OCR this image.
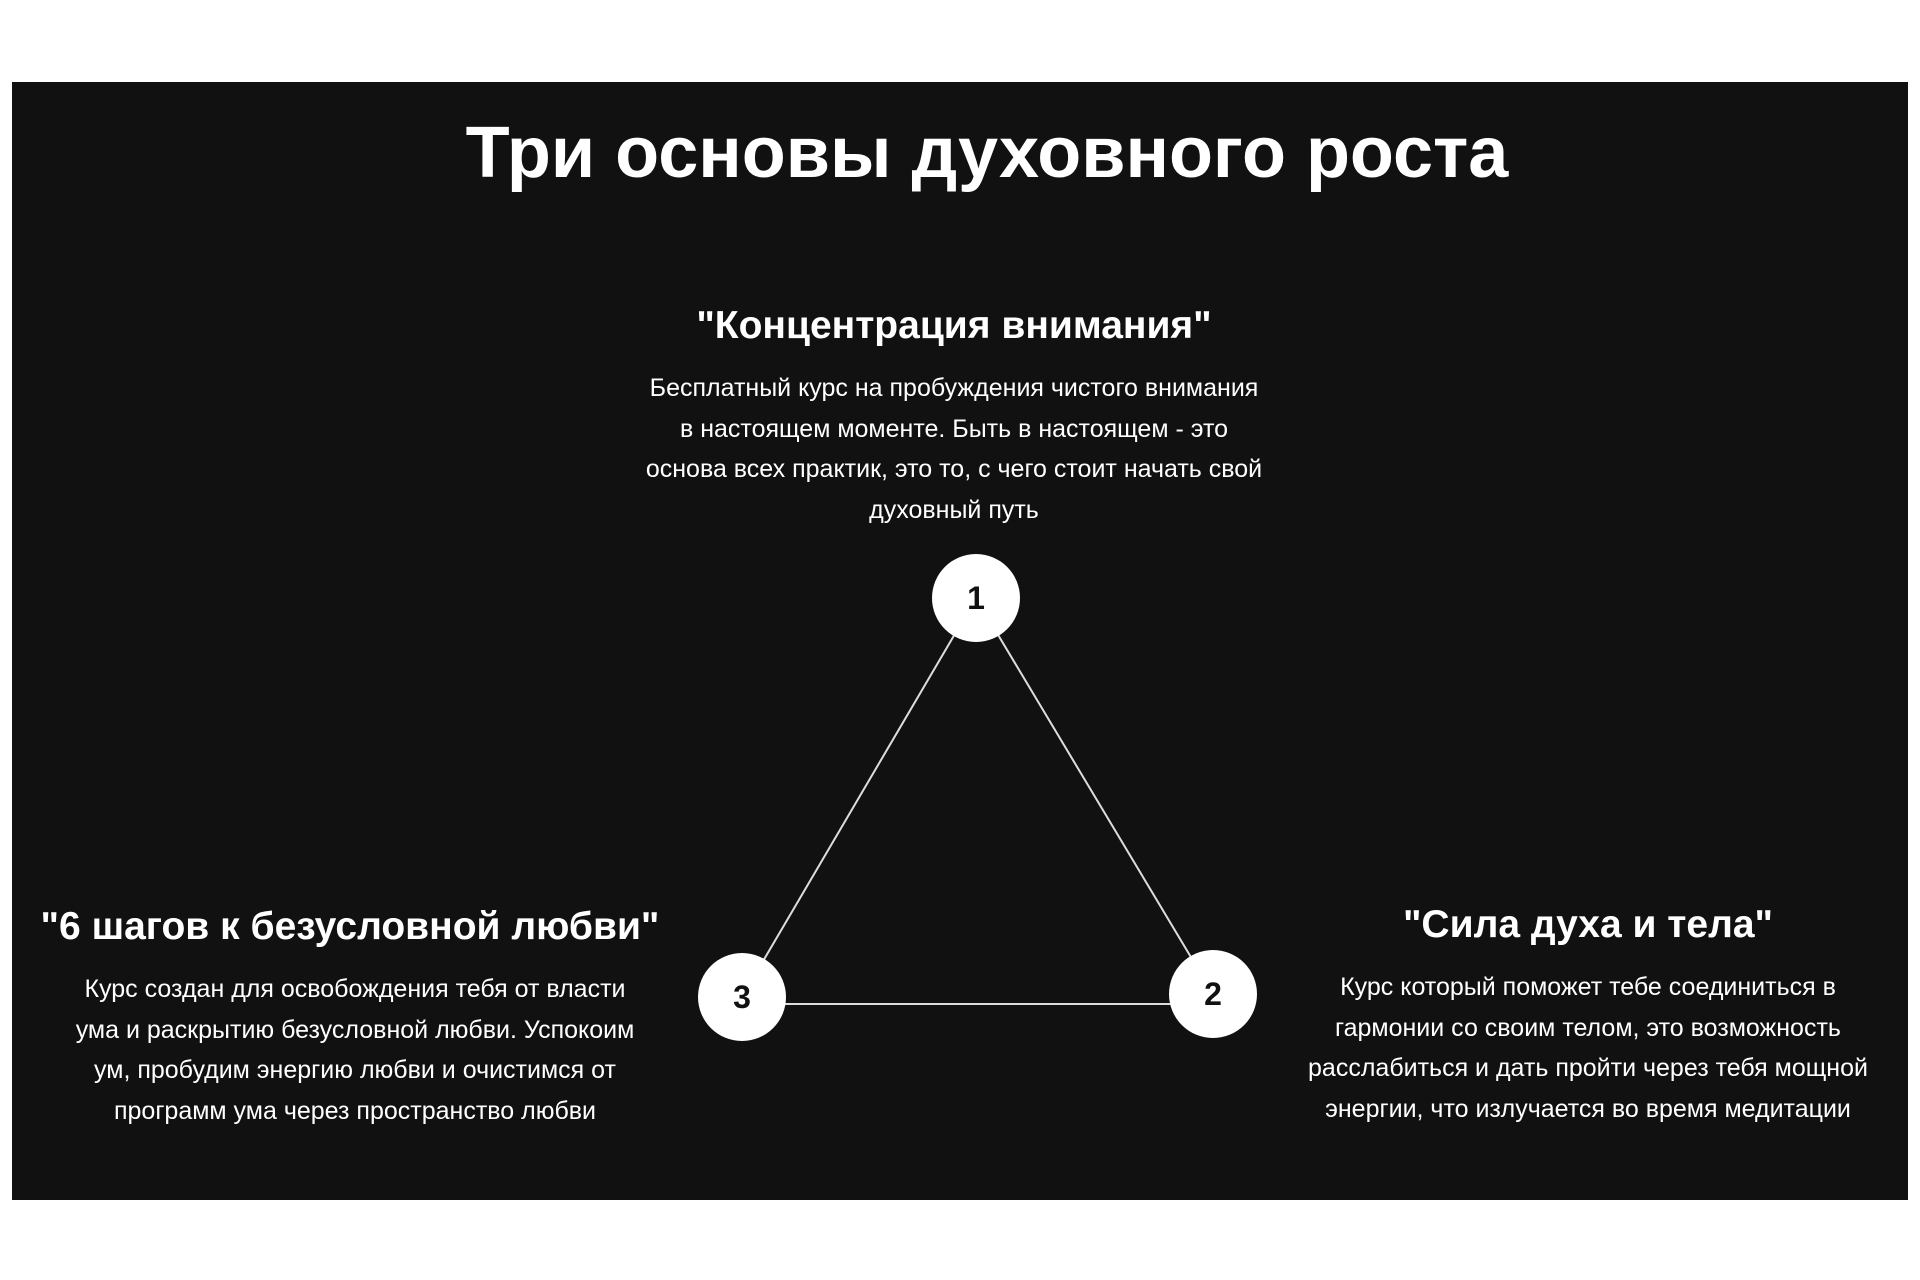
Три основы духовного роста
1
2
3
"Концентрация внимания"

Бесплатный курс на пробуждения чистого внимания в настоящем моменте. Быть в настоящем - это основа всех практик, это то, с чего стоит начать свой духовный путь

"Сила духа и тела"

Курс который поможет тебе соединиться в гармонии со своим телом, это возможность расслабиться и дать пройти через тебя мощной энергии, что излучается во время медитации

"6 шагов к безусловной любви"

Курс создан для освобождения тебя от власти ума и раскрытию безусловной любви. Успокоим ум, пробудим энергию любви и очистимся от программ ума через пространство любви
